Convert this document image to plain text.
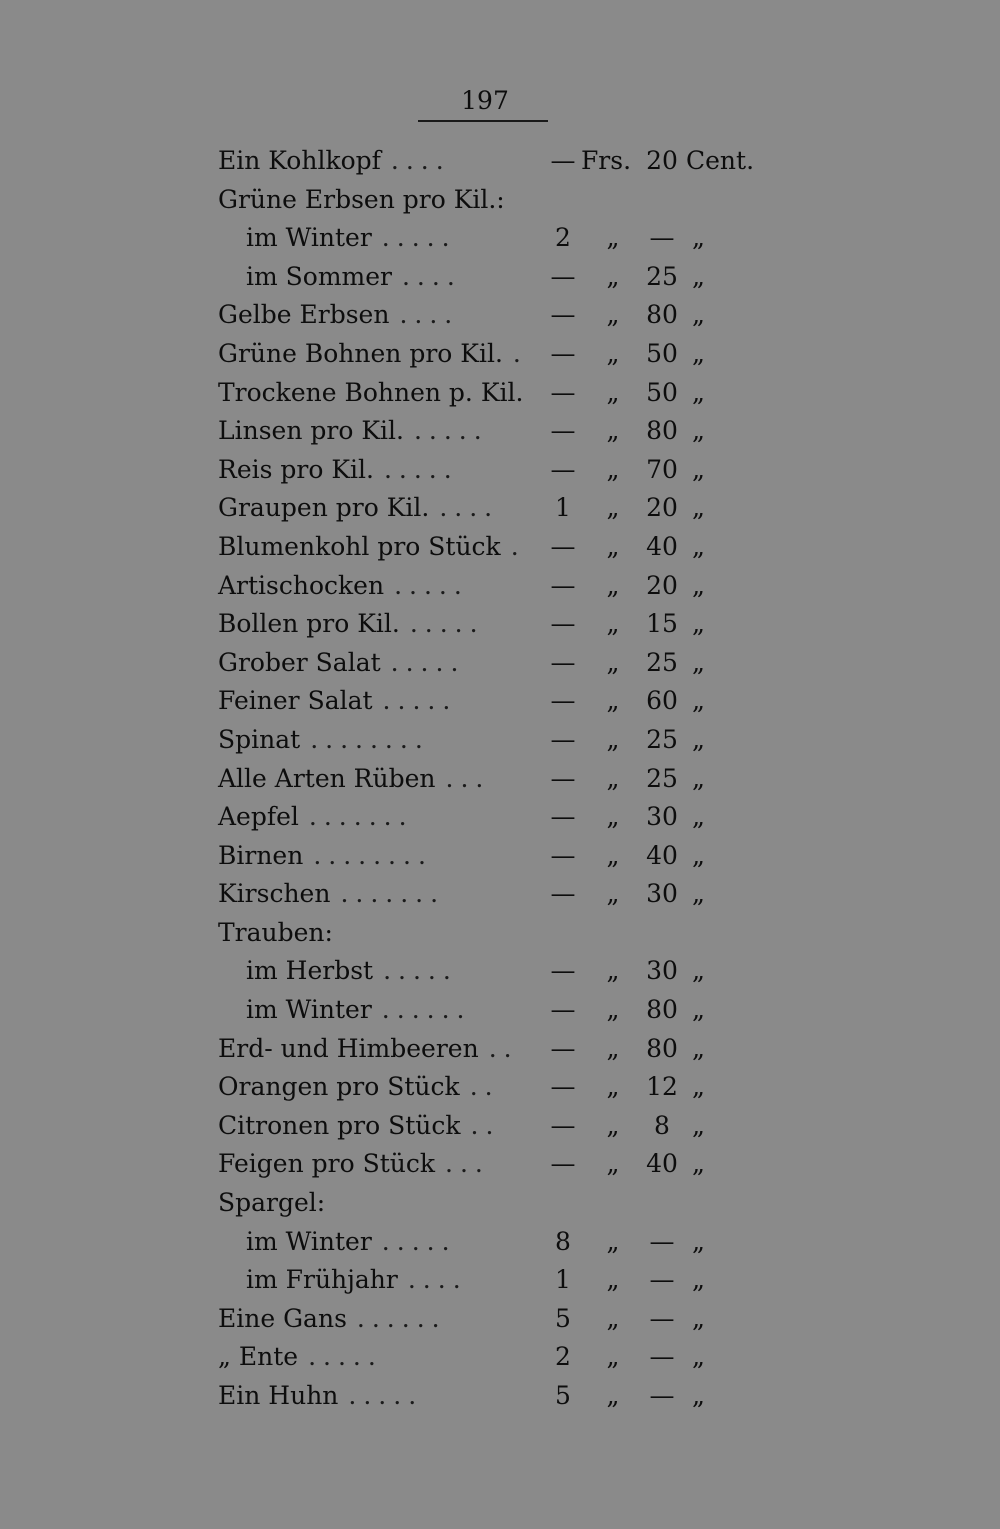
197
Ein Kohlkopf ....	— Frs. 20 Cent.
Grüne Erbsen pro Kil.:
im Winter .....	2	„	— „
im Sommer ....	—	„	25 „
Gelbe Erbsen ....	—	„	80 „
Grüne Bohnen pro Kil. . —	„	50 „
Trockene Bohnen p. Kil.	—	„	50 „
Linsen pro Kil. ..... —	„	80 „
Reis pro Kil. .....	—	„	70 „
Graupen pro Kil. .... 1	„	20 „
Blumenkohl pro Stück . —	„	40 „
Artischocken .....	—	„	20 „
Bollen pro Kil. .....	—	„	15 „
Grober Salat .....	—	„	25 „
Feiner Salat .....	—	„	60 „
Spinat ........	—	„	25 „
Alle Arten Rüben ... —	„	25 „
Aepfel .......	—	„	30 „
Birnen ........	—	„	40 „
Kirschen .......	—	„	30 „
Trauben:
im Herbst .....	—	„	30 „
im Winter ......	—	„	80 „
Erd- und Himbeeren .. —	„	80 „
Orangen pro Stück .. —	„	12 „
Citronen pro Stück .. —	„	8 „
Feigen pro Stück ... —	„	40 „
Spargel:
im Winter .....	8	„	— „
im Frühjahr ....	1	„	— „
Eine Gans ......	5	„	— „
„ Ente .....	2	„	— „
Ein Huhn .....	5	„	— „
